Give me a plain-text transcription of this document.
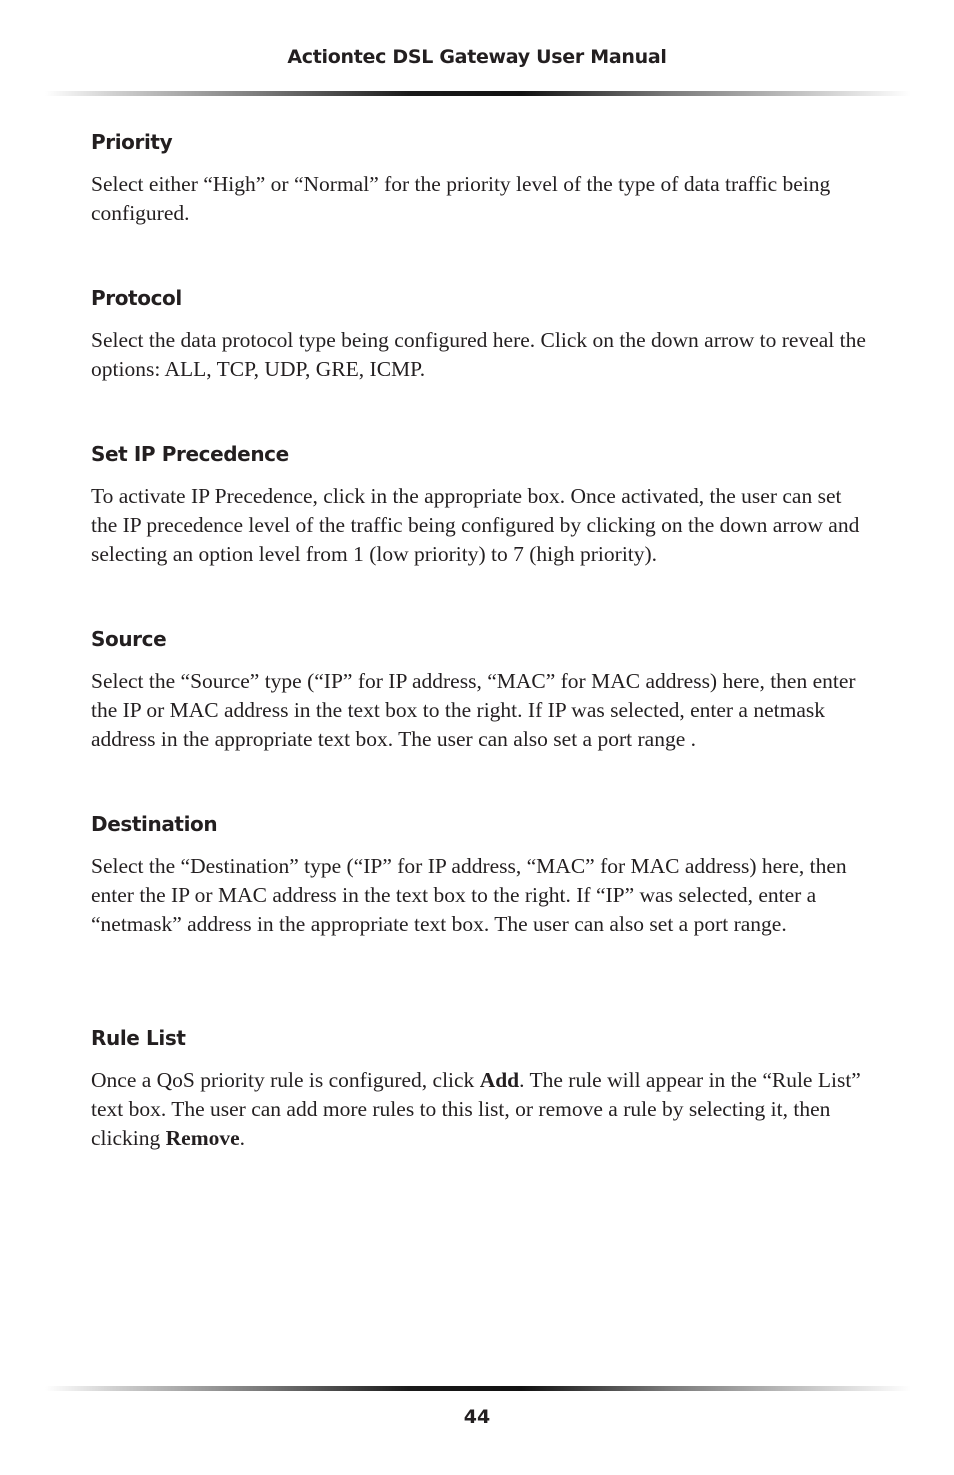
Actiontec DSL Gateway User Manual
Priority

Select either “High” or “Normal” for the priority level of the type of data traffic being configured.

Protocol

Select the data protocol type being configured here. Click on the down arrow to reveal the options: ALL, TCP, UDP, GRE, ICMP.

Set IP Precedence

To activate IP Precedence, click in the appropriate box. Once activated, the user can set the IP precedence level of the traffic being configured by clicking on the down arrow and selecting an option level from 1 (low priority) to 7 (high priority).

Source

Select the “Source” type (“IP” for IP address, “MAC” for MAC address) here, then enter the IP or MAC address in the text box to the right. If IP was selected, enter a netmask address in the appropriate text box. The user can also set a port range .

Destination

Select the “Destination” type (“IP” for IP address, “MAC” for MAC address) here, then enter the IP or MAC address in the text box to the right. If “IP” was selected, enter a “netmask” address in the appropriate text box. The user can also set a port range.

Rule List

Once a QoS priority rule is configured, click Add. The rule will appear in the “Rule List” text box. The user can add more rules to this list, or remove a rule by selecting it, then clicking Remove.

44
